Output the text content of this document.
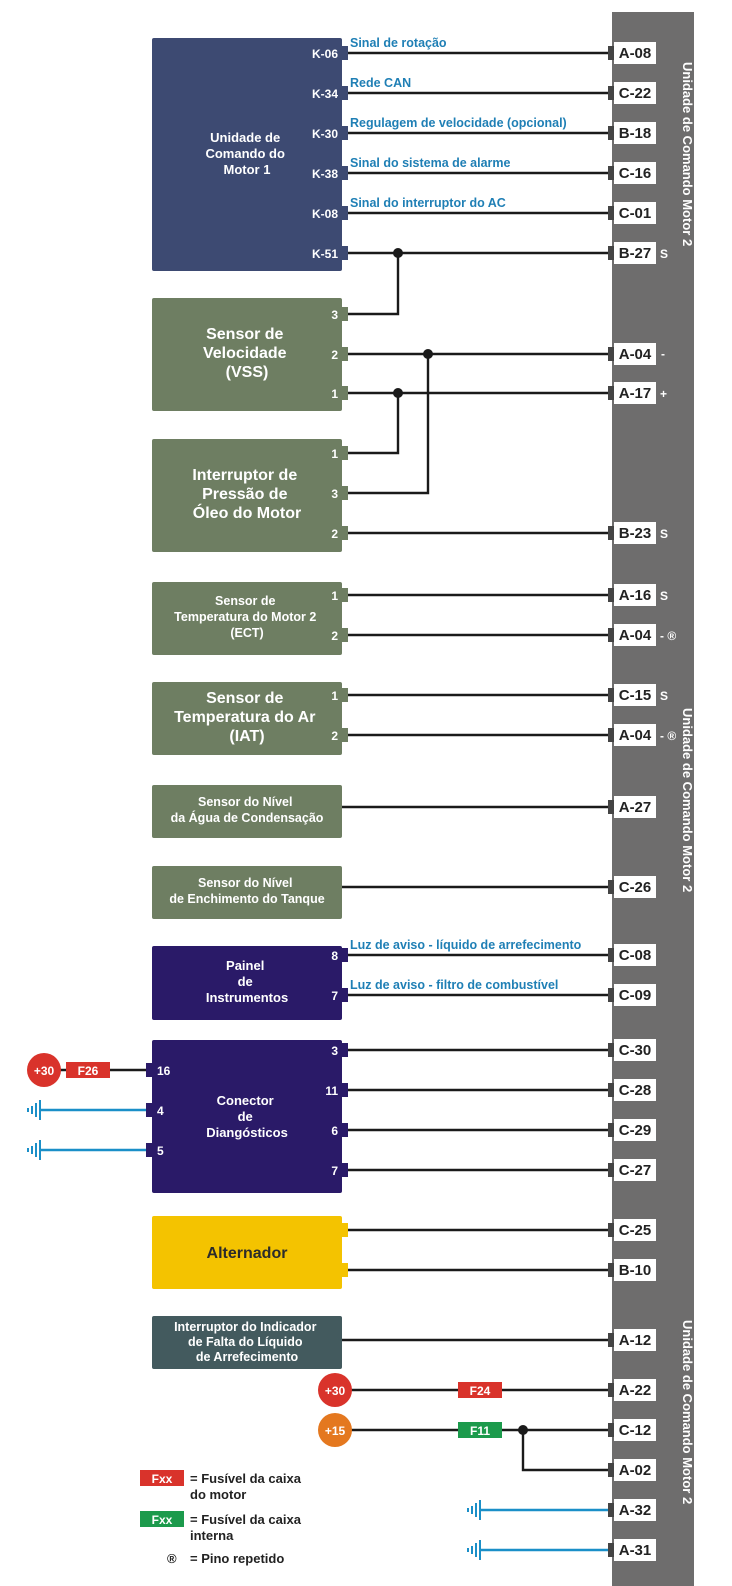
Unidade de Comando Motor 2
Unidade de Comando Motor 2
Unidade de Comando Motor 2
Unidade de Comando do Motor 1
K-06
K-34
K-30
K-38
K-08
K-51
Sensor de Velocidade (VSS)
3
2
1
Interruptor de Pressão de Óleo do Motor
1
3
2
Sensor de Temperatura do Motor 2 (ECT)
1
2
Sensor de Temperatura do Ar (IAT)
1
2
Sensor do Nível da Água de Condensação
Sensor do Nível de Enchimento do Tanque
Painel de Instrumentos
8
7
Conector de Diangósticos
3
11
6
7
16
4
5
Alternador
Interruptor do Indicador de Falta do Líquido de Arrefecimento
Sinal de rotação
Rede CAN
Regulagem de velocidade (opcional)
Sinal do sistema de alarme
Sinal do interruptor do AC
Luz de aviso - líquido de arrefecimento
Luz de aviso - filtro de combustível
A-08
C-22
B-18
C-16
C-01
B-27
A-04
A-17
B-23
A-16
A-04
C-15
A-04
A-27
C-26
C-08
C-09
C-30
C-28
C-29
C-27
C-25
B-10
A-12
A-22
C-12
A-02
A-32
A-31
S
-
+
S
S
- ®
S
- ®
+30
+30
+15
F26
F24
F11
Fxx = Fusível da caixa
do motor
Fxx = Fusível da caixa
interna
® = Pino repetido
